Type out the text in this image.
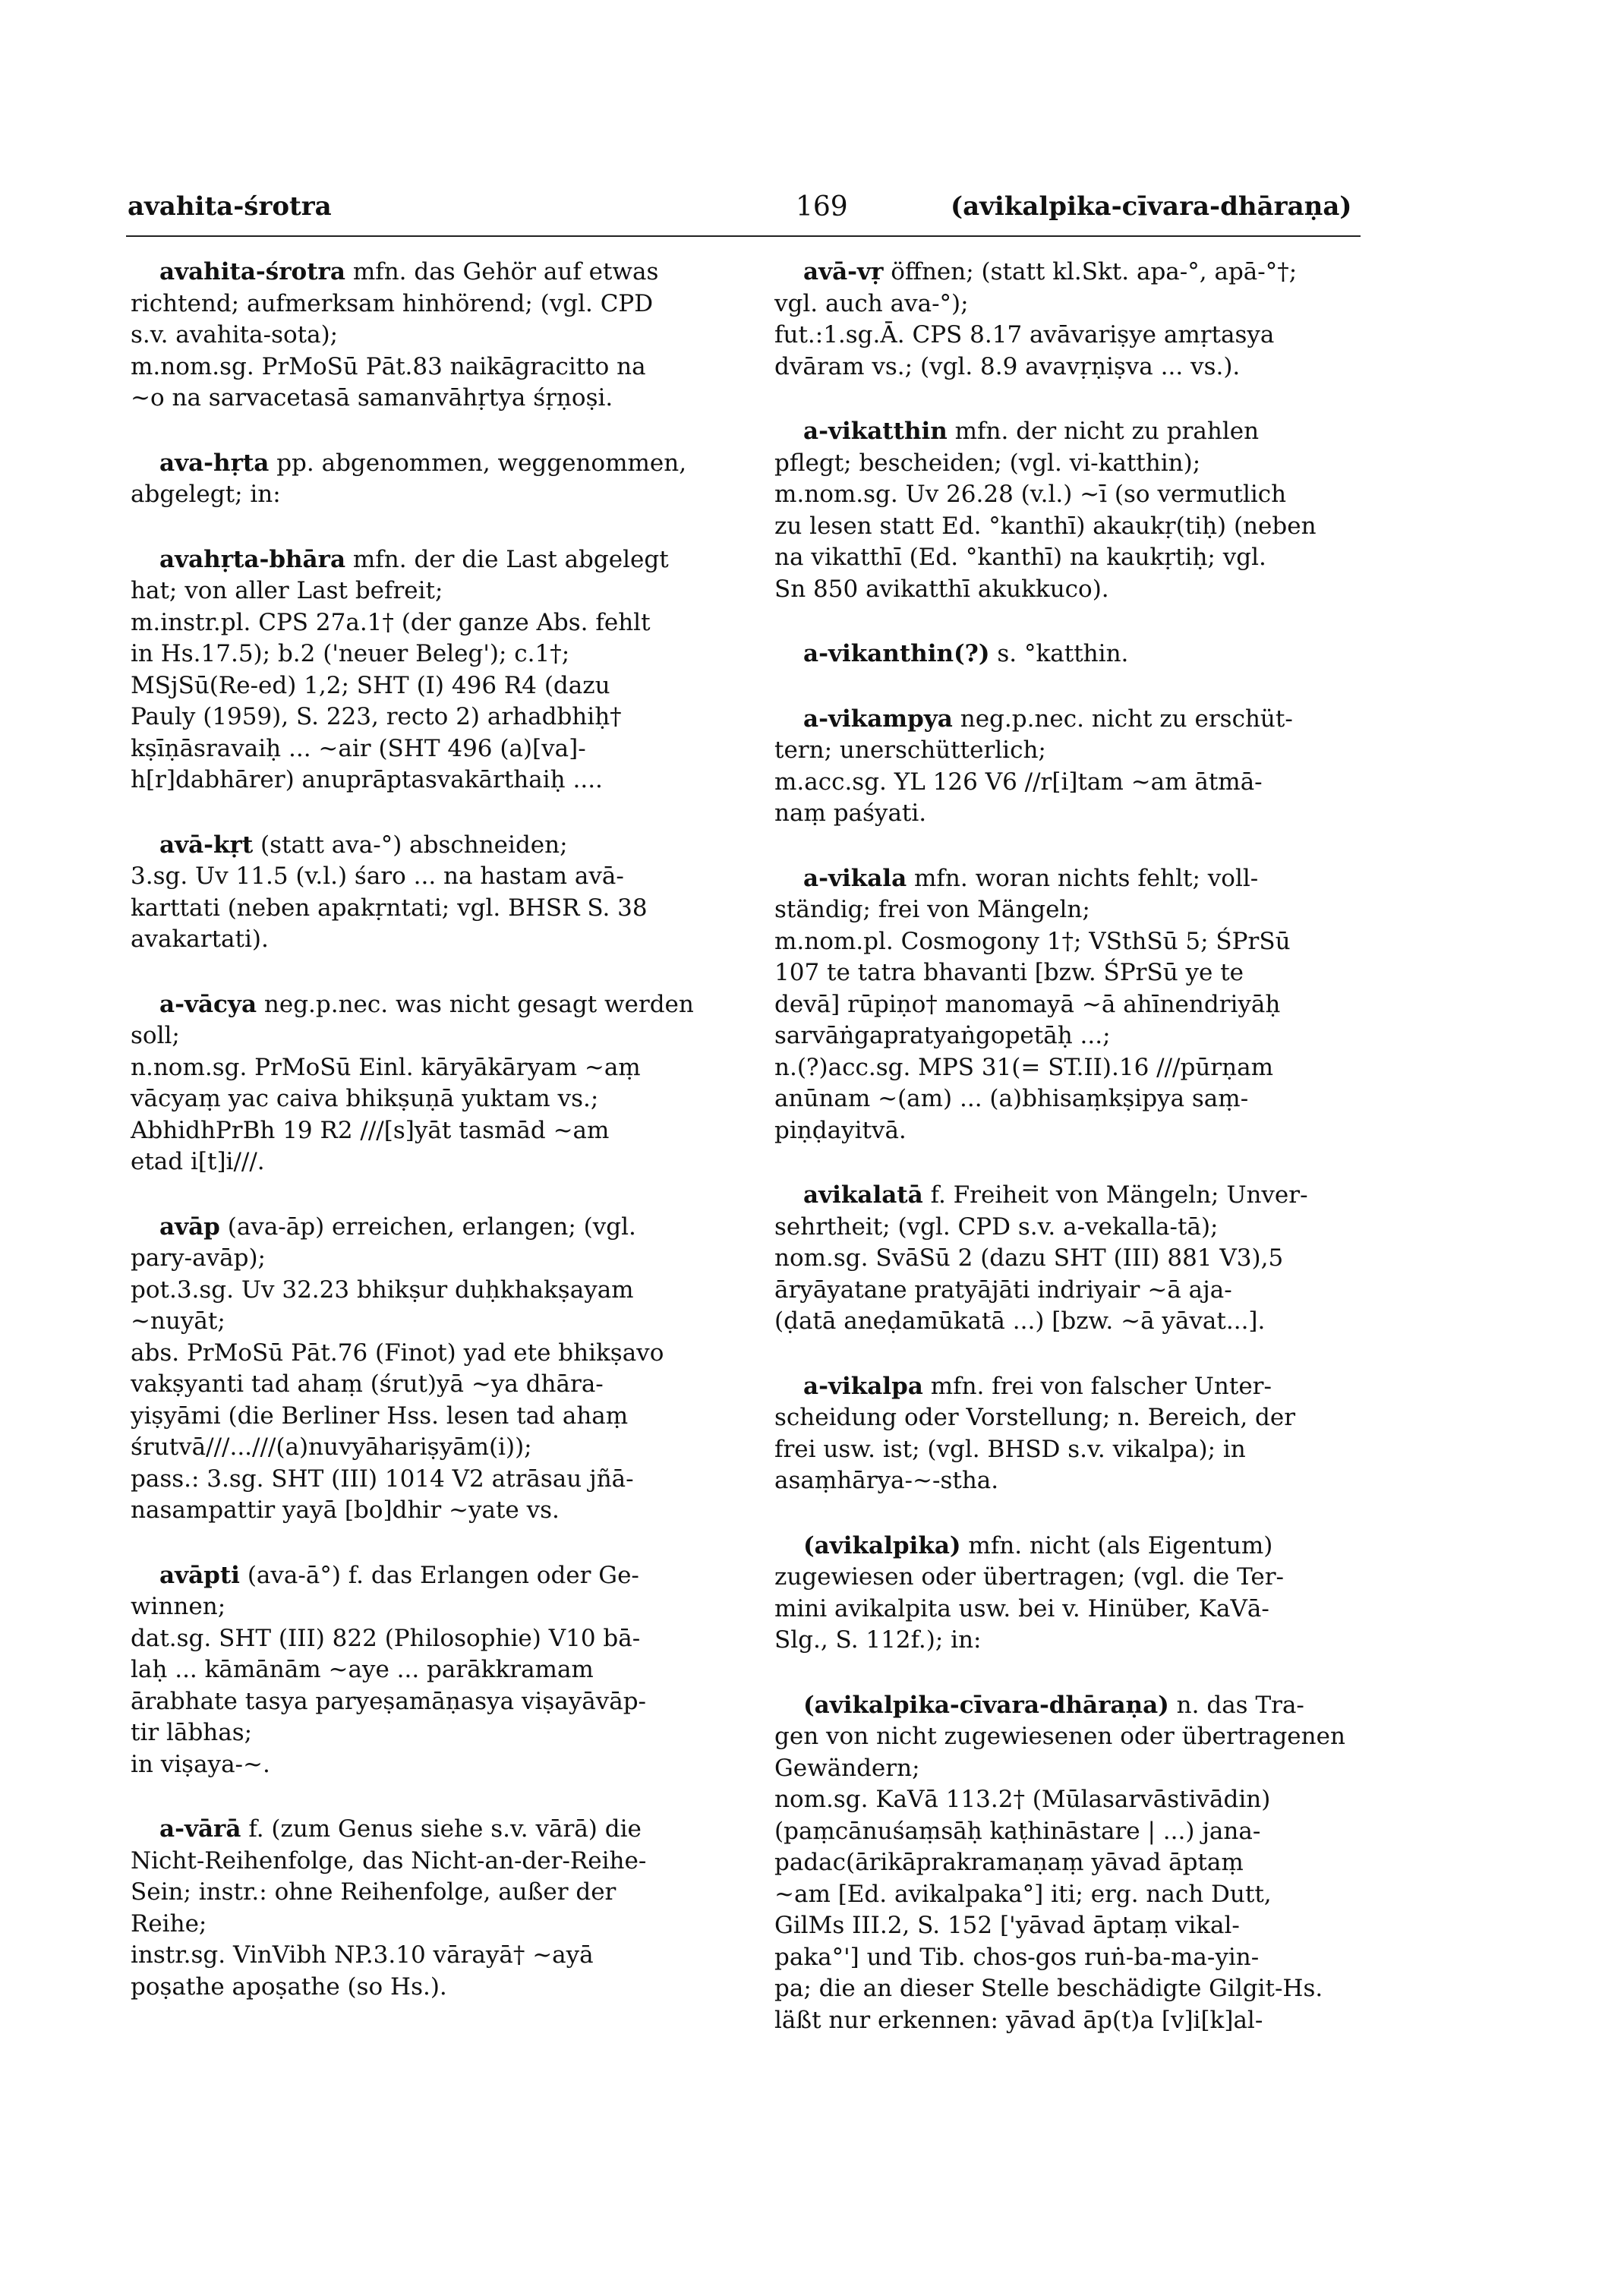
avahita-śrotra	169	(avikalpika-cīvara-dhāraṇa)
avahita-śrotra mfn. das Gehör auf etwas
richtend; aufmerksam hinhörend; (vgl. CPD
s.v. avahita-sota);
m.nom.sg. PrMoSū Pāt.83 naikāgracitto na
~o na sarvacetasā samanvāhṛtya śṛṇoṣi.
ava-hṛta pp. abgenommen, weggenommen,
abgelegt; in:
avahṛta-bhāra mfn. der die Last abgelegt
hat; von aller Last befreit;
m.instr.pl. CPS 27a.1† (der ganze Abs. fehlt
in Hs.17.5); b.2 ('neuer Beleg'); c.1†;
MSjSū(Re-ed) 1,2; SHT (I) 496 R4 (dazu
Pauly (1959), S. 223, recto 2) arhadbhiḥ†
kṣīṇāsravaiḥ ... ~air (SHT 496 (a)[va]-
h[r]dabhārer) anuprāptasvakārthaiḥ ....
avā-kṛt (statt ava-°) abschneiden;
3.sg. Uv 11.5 (v.l.) śaro ... na hastam avā-
karttati (neben apakṛntati; vgl. BHSR S. 38
avakartati).
a-vācya neg.p.nec. was nicht gesagt werden
soll;
n.nom.sg. PrMoSū Einl. kāryākāryam ~aṃ
vācyaṃ yac caiva bhikṣuṇā yuktam vs.;
AbhidhPrBh 19 R2 ///[s]yāt tasmād ~am
etad i[t]i///.
avāp (ava-āp) erreichen, erlangen; (vgl.
pary-avāp);
pot.3.sg. Uv 32.23 bhikṣur duḥkhakṣayam
~nuyāt;
abs. PrMoSū Pāt.76 (Finot) yad ete bhikṣavo
vakṣyanti tad ahaṃ (śrut)yā ~ya dhāra-
yiṣyāmi (die Berliner Hss. lesen tad ahaṃ
śrutvā///...///(a)nuvyāhariṣyām(i));
pass.: 3.sg. SHT (III) 1014 V2 atrāsau jñā-
nasampattir yayā [bo]dhir ~yate vs.
avāpti (ava-ā°) f. das Erlangen oder Ge-
winnen;
dat.sg. SHT (III) 822 (Philosophie) V10 bā-
laḥ ... kāmānām ~aye ... parākkramam
ārabhate tasya paryeṣamāṇasya viṣayāvāp-
tir lābhas;
in viṣaya-~.
a-vārā f. (zum Genus siehe s.v. vārā) die
Nicht-Reihenfolge, das Nicht-an-der-Reihe-
Sein; instr.: ohne Reihenfolge, außer der
Reihe;
instr.sg. VinVibh NP.3.10 vārayā† ~ayā
poṣathe apoṣathe (so Hs.).
avā-vṛ öffnen; (statt kl.Skt. apa-°, apā-°†;
vgl. auch ava-°);
fut.:1.sg.Ā. CPS 8.17 avāvariṣye amṛtasya
dvāram vs.; (vgl. 8.9 avavṛṇiṣva ... vs.).
a-vikatthin mfn. der nicht zu prahlen
pflegt; bescheiden; (vgl. vi-katthin);
m.nom.sg. Uv 26.28 (v.l.) ~ī (so vermutlich
zu lesen statt Ed. °kanthī) akaukṛ(tiḥ) (neben
na vikatthī (Ed. °kanthī) na kaukṛtiḥ; vgl.
Sn 850 avikatthī akukkuco).
a-vikanthin(?) s. °katthin.
a-vikampya neg.p.nec. nicht zu erschüt-
tern; unerschütterlich;
m.acc.sg. YL 126 V6 //r[i]tam ~am ātmā-
naṃ paśyati.
a-vikala mfn. woran nichts fehlt; voll-
ständig; frei von Mängeln;
m.nom.pl. Cosmogony 1†; VSthSū 5; ŚPrSū
107 te tatra bhavanti [bzw. ŚPrSū ye te
devā] rūpiṇo† manomayā ~ā ahīnendriyāḥ
sarvāṅgapratyaṅgopetāḥ ...;
n.(?)acc.sg. MPS 31(= ST.II).16 ///pūrṇam
anūnam ~(am) ... (a)bhisaṃkṣipya saṃ-
piṇḍayitvā.
avikalatā f. Freiheit von Mängeln; Unver-
sehrtheit; (vgl. CPD s.v. a-vekalla-tā);
nom.sg. SvāSū 2 (dazu SHT (III) 881 V3),5
āryāyatane pratyājāti indriyair ~ā aja-
(ḍatā aneḍamūkatā ...) [bzw. ~ā yāvat...].
a-vikalpa mfn. frei von falscher Unter-
scheidung oder Vorstellung; n. Bereich, der
frei usw. ist; (vgl. BHSD s.v. vikalpa); in
asaṃhārya-~-stha.
(avikalpika) mfn. nicht (als Eigentum)
zugewiesen oder übertragen; (vgl. die Ter-
mini avikalpita usw. bei v. Hinüber, KaVā-
Slg., S. 112f.); in:
(avikalpika-cīvara-dhāraṇa) n. das Tra-
gen von nicht zugewiesenen oder übertragenen
Gewändern;
nom.sg. KaVā 113.2† (Mūlasarvāstivādin)
(paṃcānuśaṃsāḥ kaṭhināstare | ...) jana-
padac(ārikāprakramaṇaṃ yāvad āptaṃ
~am [Ed. avikalpaka°] iti; erg. nach Dutt,
GilMs III.2, S. 152 ['yāvad āptaṃ vikal-
paka°'] und Tib. chos-gos ruṅ-ba-ma-yin-
pa; die an dieser Stelle beschädigte Gilgit-Hs.
läßt nur erkennen: yāvad āp(t)a [v]i[k]al-
